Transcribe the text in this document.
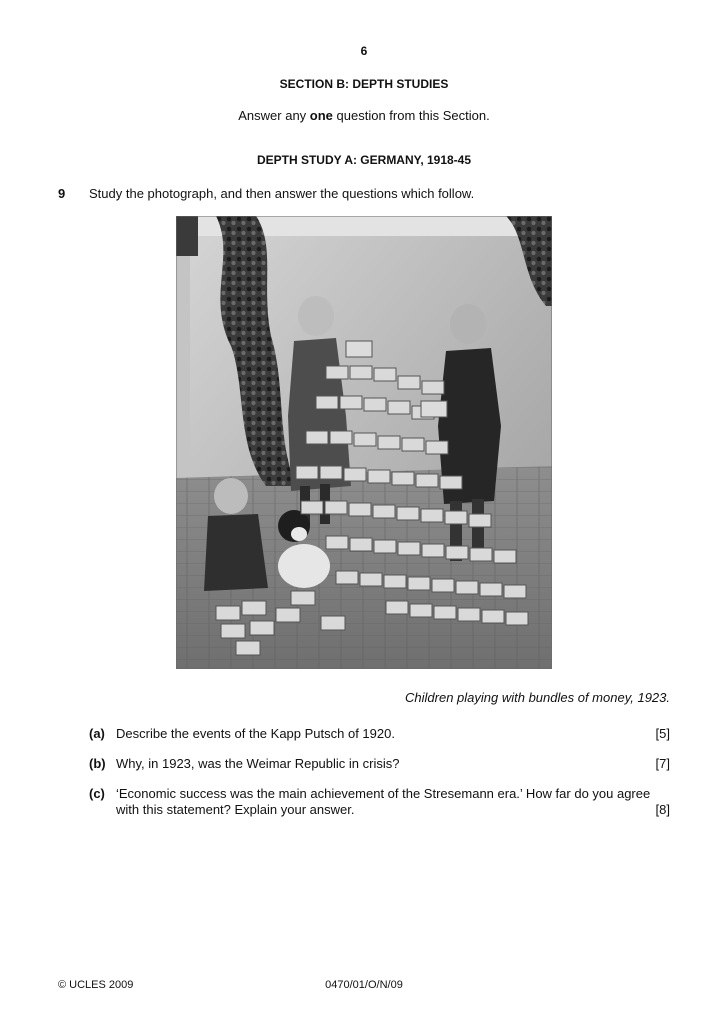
6
SECTION B: DEPTH STUDIES
Answer any one question from this Section.
DEPTH STUDY A: GERMANY, 1918-45
9 Study the photograph, and then answer the questions which follow.
Children playing with bundles of money, 1923.
(a) Describe the events of the Kapp Putsch of 1920.	[5]
(b) Why, in 1923, was the Weimar Republic in crisis?	[7]
(c) ‘Economic success was the main achievement of the Stresemann era.’ How far do you agree
with this statement? Explain your answer.	[8]
© UCLES 2009	0470/01/O/N/09
